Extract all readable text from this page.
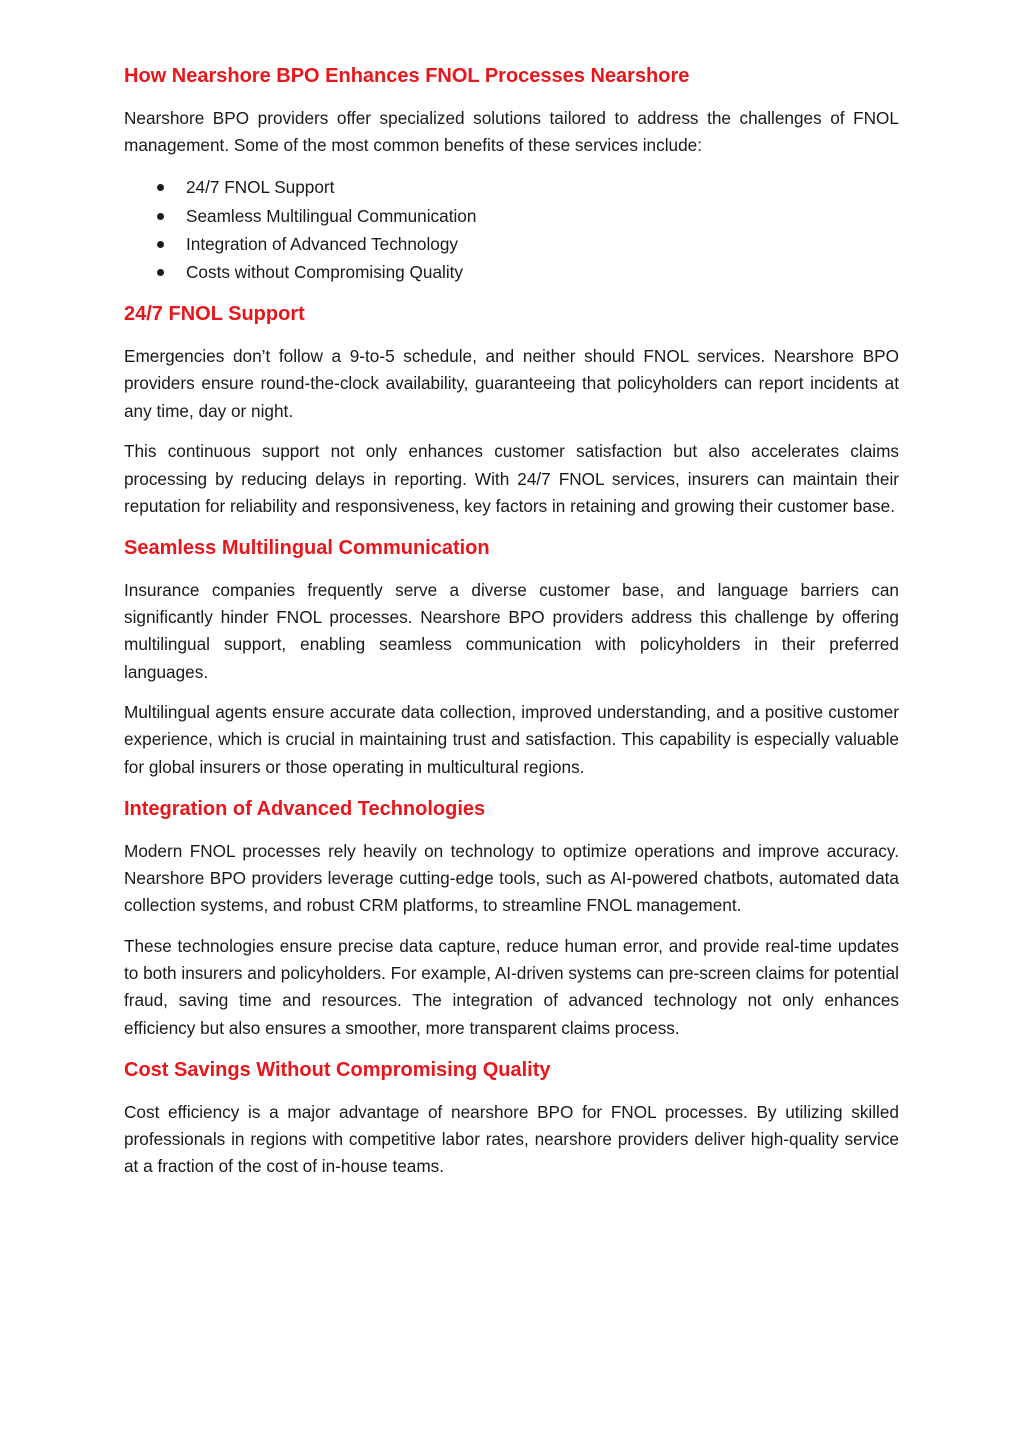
How Nearshore BPO Enhances FNOL Processes Nearshore

Nearshore BPO providers offer specialized solutions tailored to address the challenges of FNOL management. Some of the most common benefits of these services include:

24/7 FNOL Support
Seamless Multilingual Communication
Integration of Advanced Technology
Costs without Compromising Quality
24/7 FNOL Support

Emergencies don’t follow a 9-to-5 schedule, and neither should FNOL services. Nearshore BPO providers ensure round-the-clock availability, guaranteeing that policyholders can report incidents at any time, day or night.

This continuous support not only enhances customer satisfaction but also accelerates claims processing by reducing delays in reporting. With 24/7 FNOL services, insurers can maintain their reputation for reliability and responsiveness, key factors in retaining and growing their customer base.

Seamless Multilingual Communication

Insurance companies frequently serve a diverse customer base, and language barriers can significantly hinder FNOL processes. Nearshore BPO providers address this challenge by offering multilingual support, enabling seamless communication with policyholders in their preferred languages.

Multilingual agents ensure accurate data collection, improved understanding, and a positive customer experience, which is crucial in maintaining trust and satisfaction. This capability is especially valuable for global insurers or those operating in multicultural regions.

Integration of Advanced Technologies

Modern FNOL processes rely heavily on technology to optimize operations and improve accuracy. Nearshore BPO providers leverage cutting-edge tools, such as AI-powered chatbots, automated data collection systems, and robust CRM platforms, to streamline FNOL management.

These technologies ensure precise data capture, reduce human error, and provide real-time updates to both insurers and policyholders. For example, AI-driven systems can pre-screen claims for potential fraud, saving time and resources. The integration of advanced technology not only enhances efficiency but also ensures a smoother, more transparent claims process.

Cost Savings Without Compromising Quality

Cost efficiency is a major advantage of nearshore BPO for FNOL processes. By utilizing skilled professionals in regions with competitive labor rates, nearshore providers deliver high-quality service at a fraction of the cost of in-house teams.
